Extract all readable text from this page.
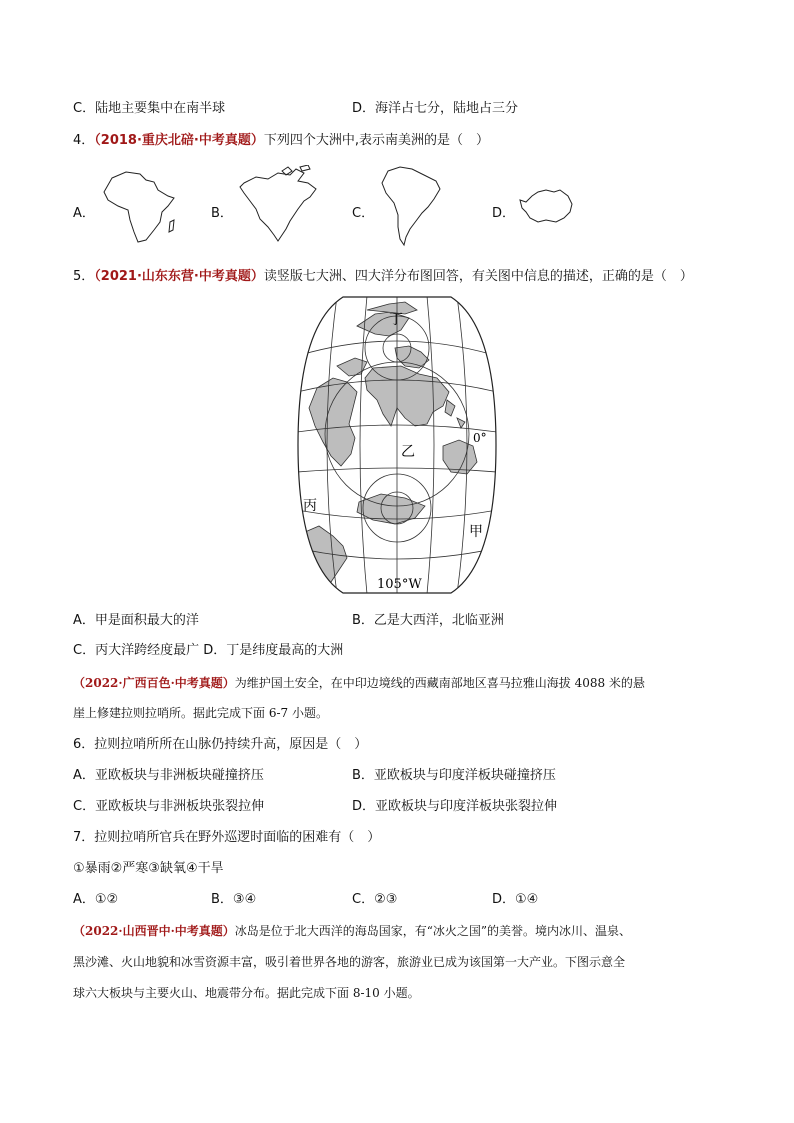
C．陆地主要集中在南半球	D．海洋占七分，陆地占三分
4．（2018·重庆北碚·中考真题）下列四个大洲中,表示南美洲的是（　）
A．	B．	C．	D．
5．（2021·山东东营·中考真题）读竖版七大洲、四大洋分布图回答，有关图中信息的描述，正确的是（　）
丁
乙
丙
甲
0°
105°W
A．甲是面积最大的洋	B．乙是大西洋，北临亚洲
C．丙大洋跨经度最广 D．丁是纬度最高的大洲
（2022·广西百色·中考真题）为维护国土安全，在中印边境线的西藏南部地区喜马拉雅山海拔 4088 米的悬
崖上修建拉则拉哨所。据此完成下面 6-7 小题。
6．拉则拉哨所所在山脉仍持续升高，原因是（　）
A．亚欧板块与非洲板块碰撞挤压	B．亚欧板块与印度洋板块碰撞挤压
C．亚欧板块与非洲板块张裂拉伸	D．亚欧板块与印度洋板块张裂拉伸
7．拉则拉哨所官兵在野外巡逻时面临的困难有（　）
①暴雨②严寒③缺氧④干旱
A．①②	B．③④	C．②③	D．①④
（2022·山西晋中·中考真题）冰岛是位于北大西洋的海岛国家，有“冰火之国”的美誉。境内冰川、温泉、
黑沙滩、火山地貌和冰雪资源丰富，吸引着世界各地的游客，旅游业已成为该国第一大产业。下图示意全
球六大板块与主要火山、地震带分布。据此完成下面 8-10 小题。
